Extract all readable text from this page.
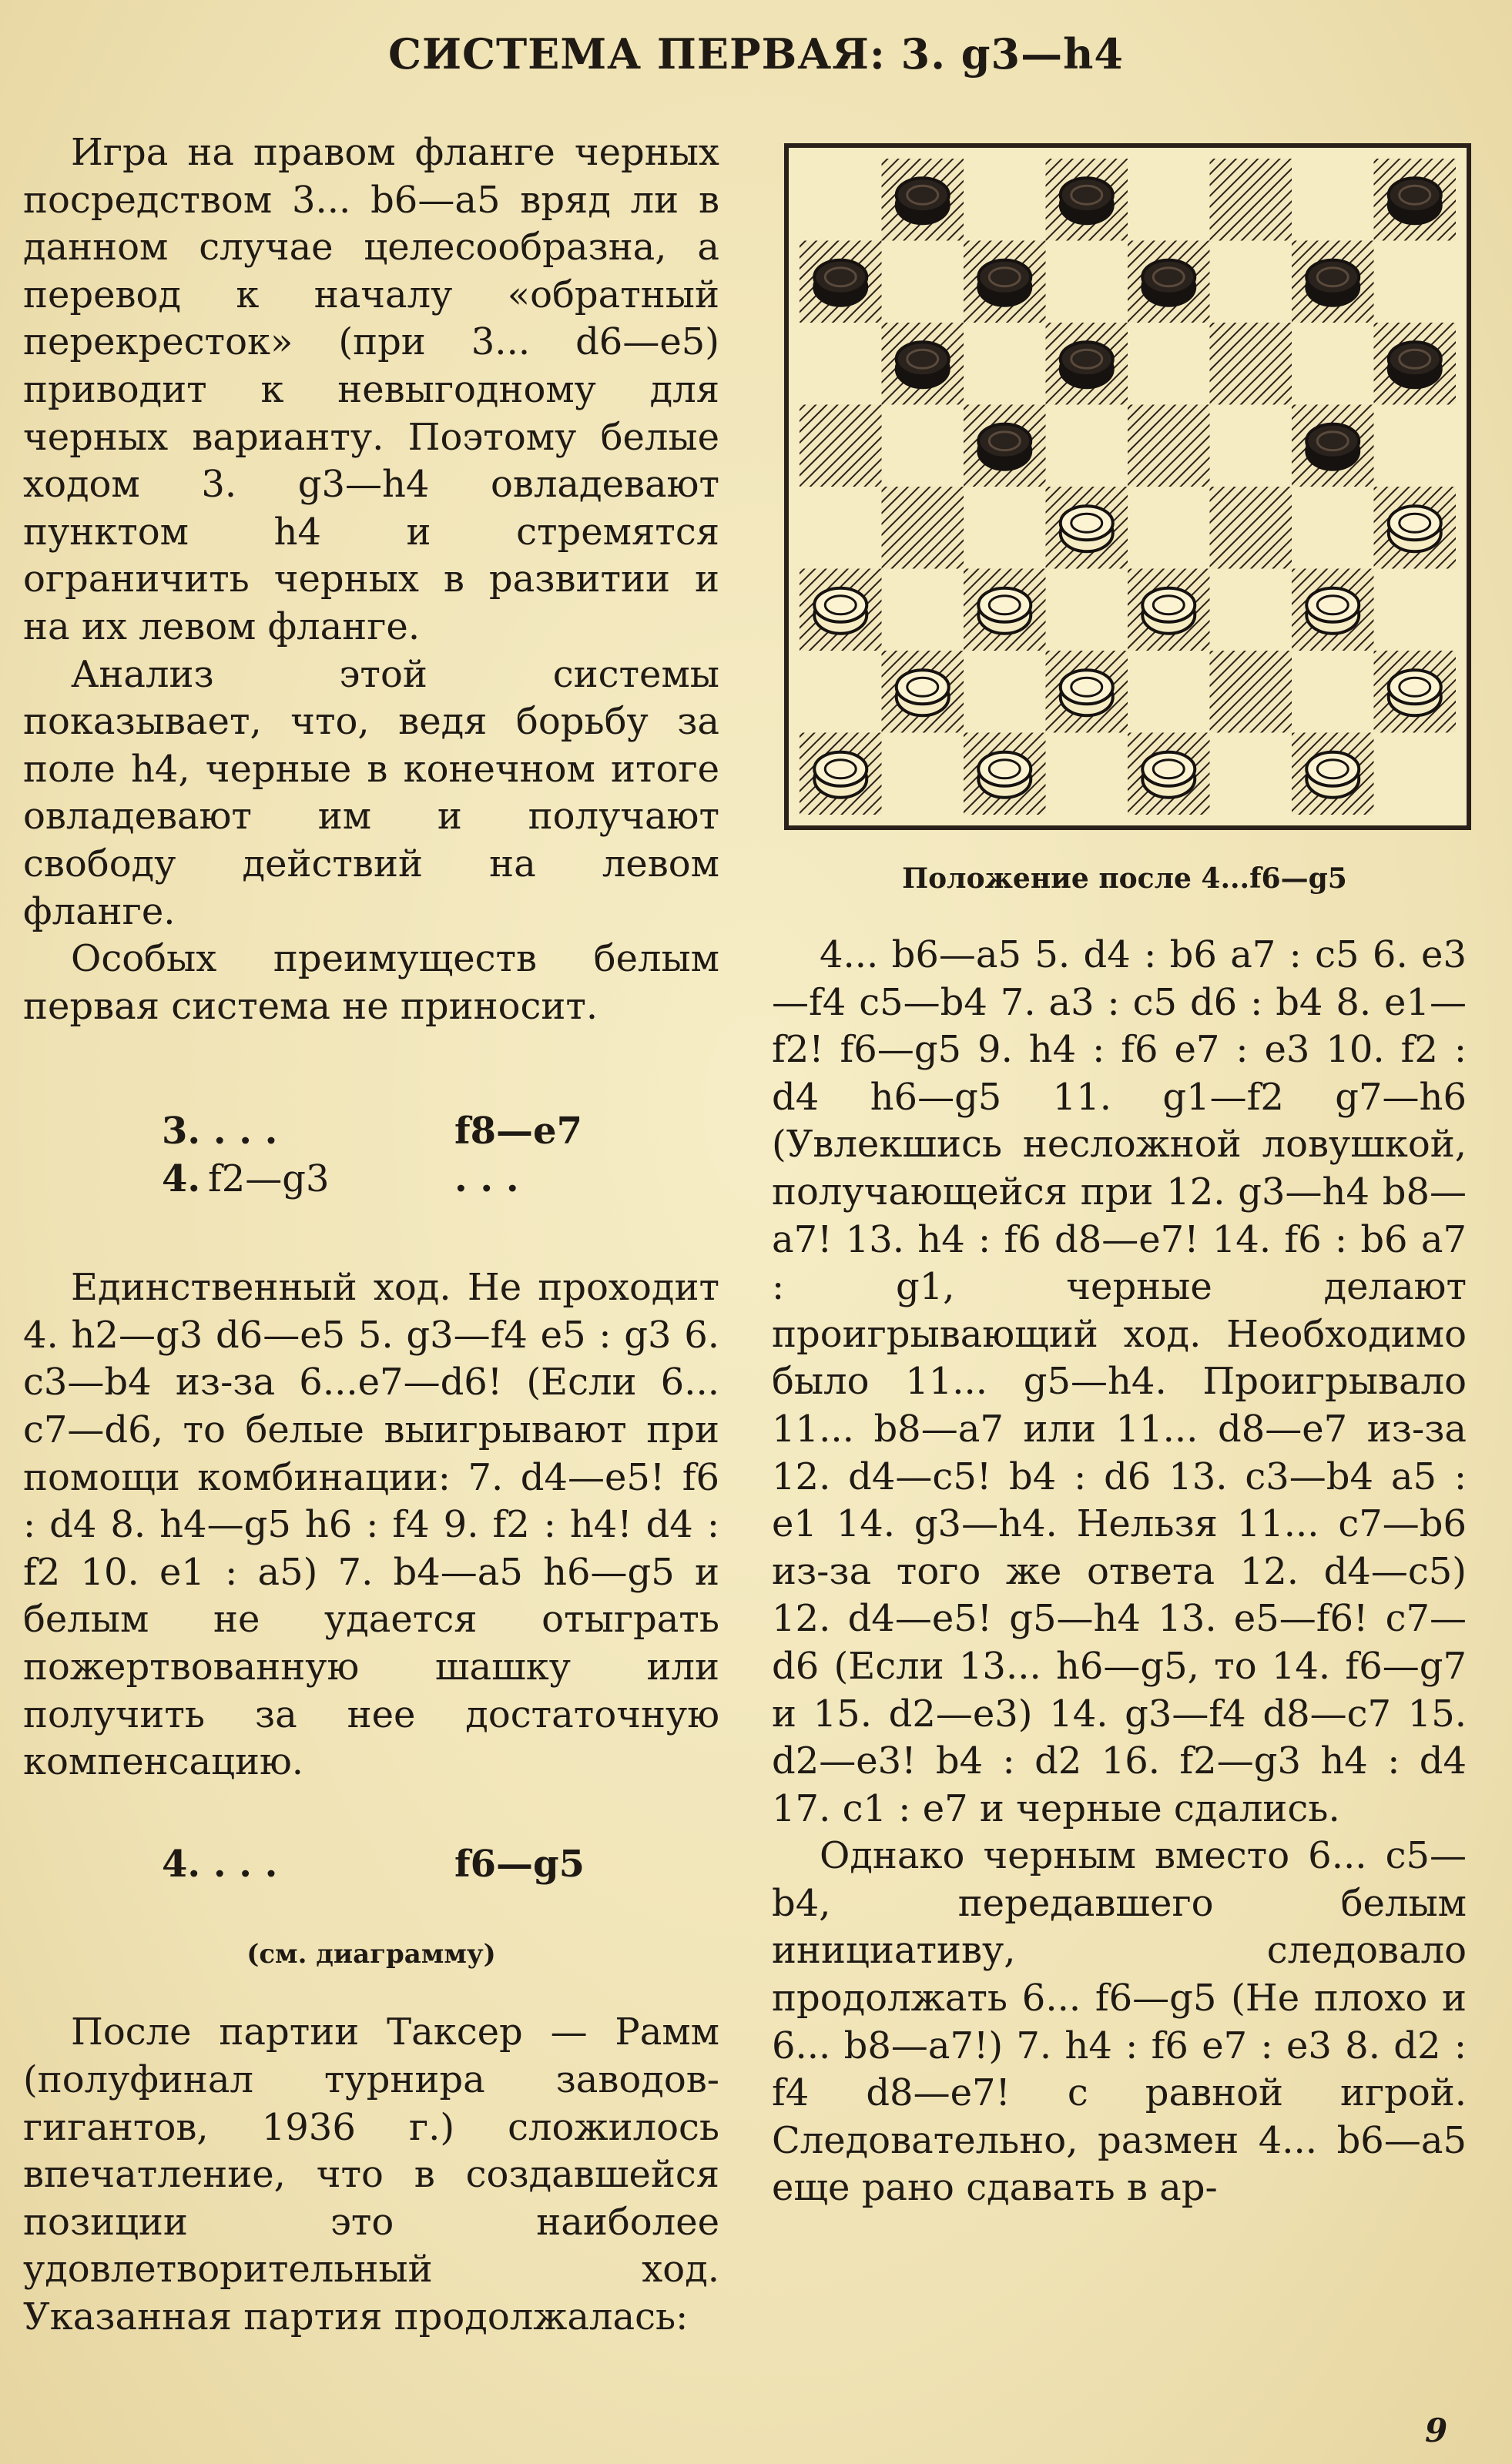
СИСТЕМА ПЕРВАЯ: 3. g3—h4

Игра на правом фланге черных посредством 3... b6—a5 вряд ли в данном случае целесообразна, а перевод к началу «обратный перекресток» (при 3... d6—e5) приводит к невыгодному для черных варианту. Поэтому белые ходом 3. g3—h4 овладевают пунктом h4 и стремятся ограничить черных в развитии и на их левом фланге.

Анализ этой системы показывает, что, ведя борьбу за поле h4, черные в конечном итоге овладевают им и получают свободу действий на левом фланге.

Особых преимуществ белым первая система не приносит.

3. . . .	f8—e7
4. f2—g3	. . .

Единственный ход. Не проходит 4. h2—g3 d6—e5 5. g3—f4 e5 : g3 6. c3—b4 из-за 6...e7—d6! (Если 6... c7—d6, то белые выигрывают при помощи комбинации: 7. d4—e5! f6 : d4 8. h4—g5 h6 : f4 9. f2 : h4! d4 : f2 10. e1 : a5) 7. b4—a5 h6—g5 и белым не удается отыграть пожертвованную шашку или получить за нее достаточную компенсацию.

4. . . .	f6—g5
(см. диаграмму)

После партии Таксер — Рамм (полуфинал турнира заводов-гигантов, 1936 г.) сложилось впечатление, что в создавшейся позиции это наиболее удовлетворительный ход. Указанная партия продолжалась:

Положение после 4...f6—g5

4... b6—a5 5. d4 : b6 a7 : c5 6. e3—f4 c5—b4 7. a3 : c5 d6 : b4 8. e1—f2! f6—g5 9. h4 : f6 e7 : e3 10. f2 : d4 h6—g5 11. g1—f2 g7—h6 (Увлекшись несложной ловушкой, получающейся при 12. g3—h4 b8—a7! 13. h4 : f6 d8—e7! 14. f6 : b6 a7 : g1, черные делают проигрывающий ход. Необходимо было 11... g5—h4. Проигрывало 11... b8—a7 или 11... d8—e7 из-за 12. d4—c5! b4 : d6 13. c3—b4 a5 : e1 14. g3—h4. Нельзя 11... c7—b6 из-за того же ответа 12. d4—c5) 12. d4—e5! g5—h4 13. e5—f6! c7—d6 (Если 13... h6—g5, то 14. f6—g7 и 15. d2—e3) 14. g3—f4 d8—c7 15. d2—e3! b4 : d2 16. f2—g3 h4 : d4 17. c1 : e7 и черные сдались.

Однако черным вместо 6... c5—b4, передавшего белым инициативу, следовало продолжать 6... f6—g5 (Не плохо и 6... b8—a7!) 7. h4 : f6 e7 : e3 8. d2 : f4 d8—e7! с равной игрой. Следовательно, размен 4... b6—a5 еще рано сдавать в ар-

9
